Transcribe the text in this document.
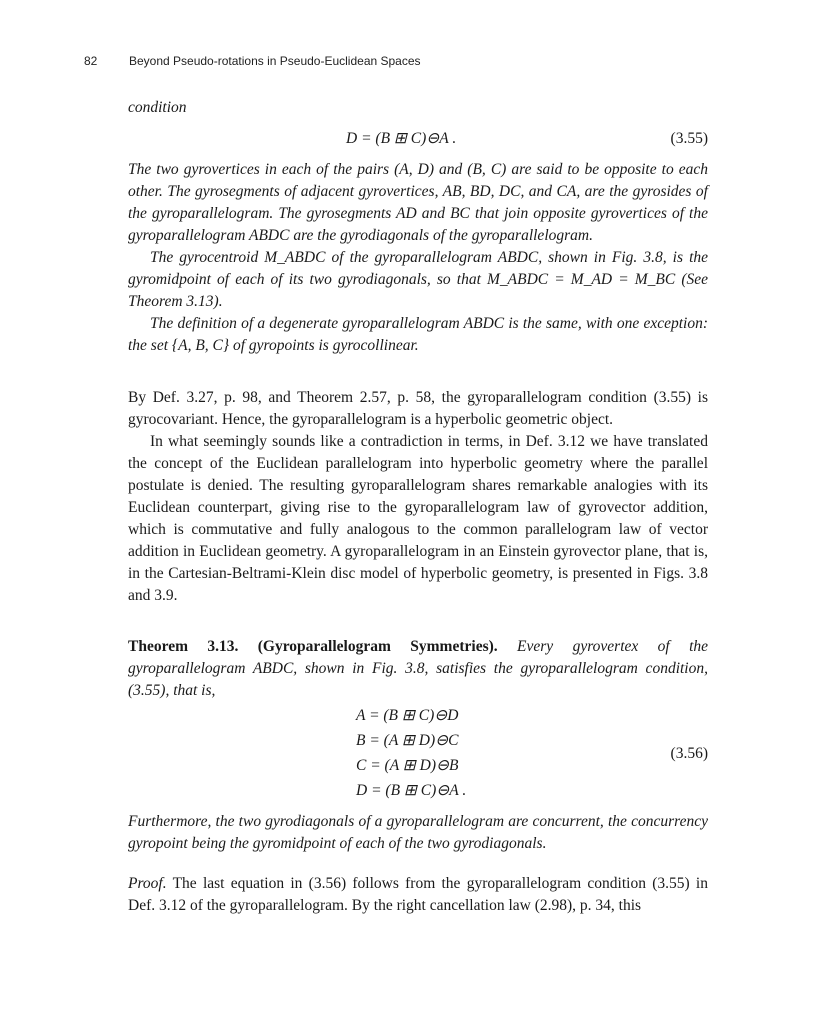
82	Beyond Pseudo-rotations in Pseudo-Euclidean Spaces
condition
D = (B ⊞ C)⊖A .	(3.55)

The two gyrovertices in each of the pairs (A, D) and (B, C) are said to be opposite to each other. The gyrosegments of adjacent gyrovertices, AB, BD, DC, and CA, are the gyrosides of the gyroparallelogram. The gyrosegments AD and BC that join opposite gyrovertices of the gyroparallelogram ABDC are the gyrodiagonals of the gyroparallelogram.

The gyrocentroid M_ABDC of the gyroparallelogram ABDC, shown in Fig. 3.8, is the gyromidpoint of each of its two gyrodiagonals, so that M_ABDC = M_AD = M_BC (See Theorem 3.13).

The definition of a degenerate gyroparallelogram ABDC is the same, with one exception: the set {A, B, C} of gyropoints is gyrocollinear.

By Def. 3.27, p. 98, and Theorem 2.57, p. 58, the gyroparallelogram condition (3.55) is gyrocovariant. Hence, the gyroparallelogram is a hyperbolic geometric object.

In what seemingly sounds like a contradiction in terms, in Def. 3.12 we have translated the concept of the Euclidean parallelogram into hyperbolic geometry where the parallel postulate is denied. The resulting gyroparallelogram shares remarkable analogies with its Euclidean counterpart, giving rise to the gyroparallelogram law of gyrovector addition, which is commutative and fully analogous to the common parallelogram law of vector addition in Euclidean geometry. A gyroparallelogram in an Einstein gyrovector plane, that is, in the Cartesian-Beltrami-Klein disc model of hyperbolic geometry, is presented in Figs. 3.8 and 3.9.

Theorem 3.13. (Gyroparallelogram Symmetries). Every gyrovertex of the gyroparallelogram ABDC, shown in Fig. 3.8, satisfies the gyroparallelogram condition, (3.55), that is,

A = (B ⊞ C)⊖D
B = (A ⊞ D)⊖C
C = (A ⊞ D)⊖B
D = (B ⊞ C)⊖A .
(3.56)
Furthermore, the two gyrodiagonals of a gyroparallelogram are concurrent, the concurrency gyropoint being the gyromidpoint of each of the two gyrodiagonals.

Proof. The last equation in (3.56) follows from the gyroparallelogram condition (3.55) in Def. 3.12 of the gyroparallelogram. By the right cancellation law (2.98), p. 34, this
